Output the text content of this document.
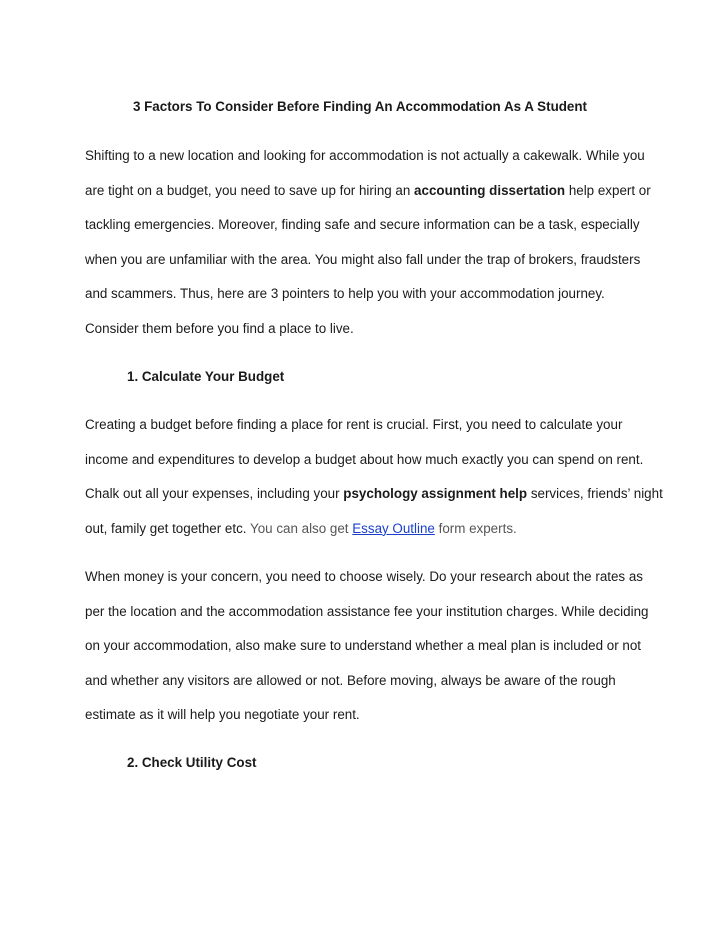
3 Factors To Consider Before Finding An Accommodation As A Student
Shifting to a new location and looking for accommodation is not actually a cakewalk. While you
are tight on a budget, you need to save up for hiring an accounting dissertation help expert or
tackling emergencies. Moreover, finding safe and secure information can be a task, especially
when you are unfamiliar with the area. You might also fall under the trap of brokers, fraudsters
and scammers. Thus, here are 3 pointers to help you with your accommodation journey.
Consider them before you find a place to live.
1. Calculate Your Budget
Creating a budget before finding a place for rent is crucial. First, you need to calculate your
income and expenditures to develop a budget about how much exactly you can spend on rent.
Chalk out all your expenses, including your psychology assignment help services, friends’ night
out, family get together etc. You can also get Essay Outline form experts.
When money is your concern, you need to choose wisely. Do your research about the rates as
per the location and the accommodation assistance fee your institution charges. While deciding
on your accommodation, also make sure to understand whether a meal plan is included or not
and whether any visitors are allowed or not. Before moving, always be aware of the rough
estimate as it will help you negotiate your rent.
2. Check Utility Cost
